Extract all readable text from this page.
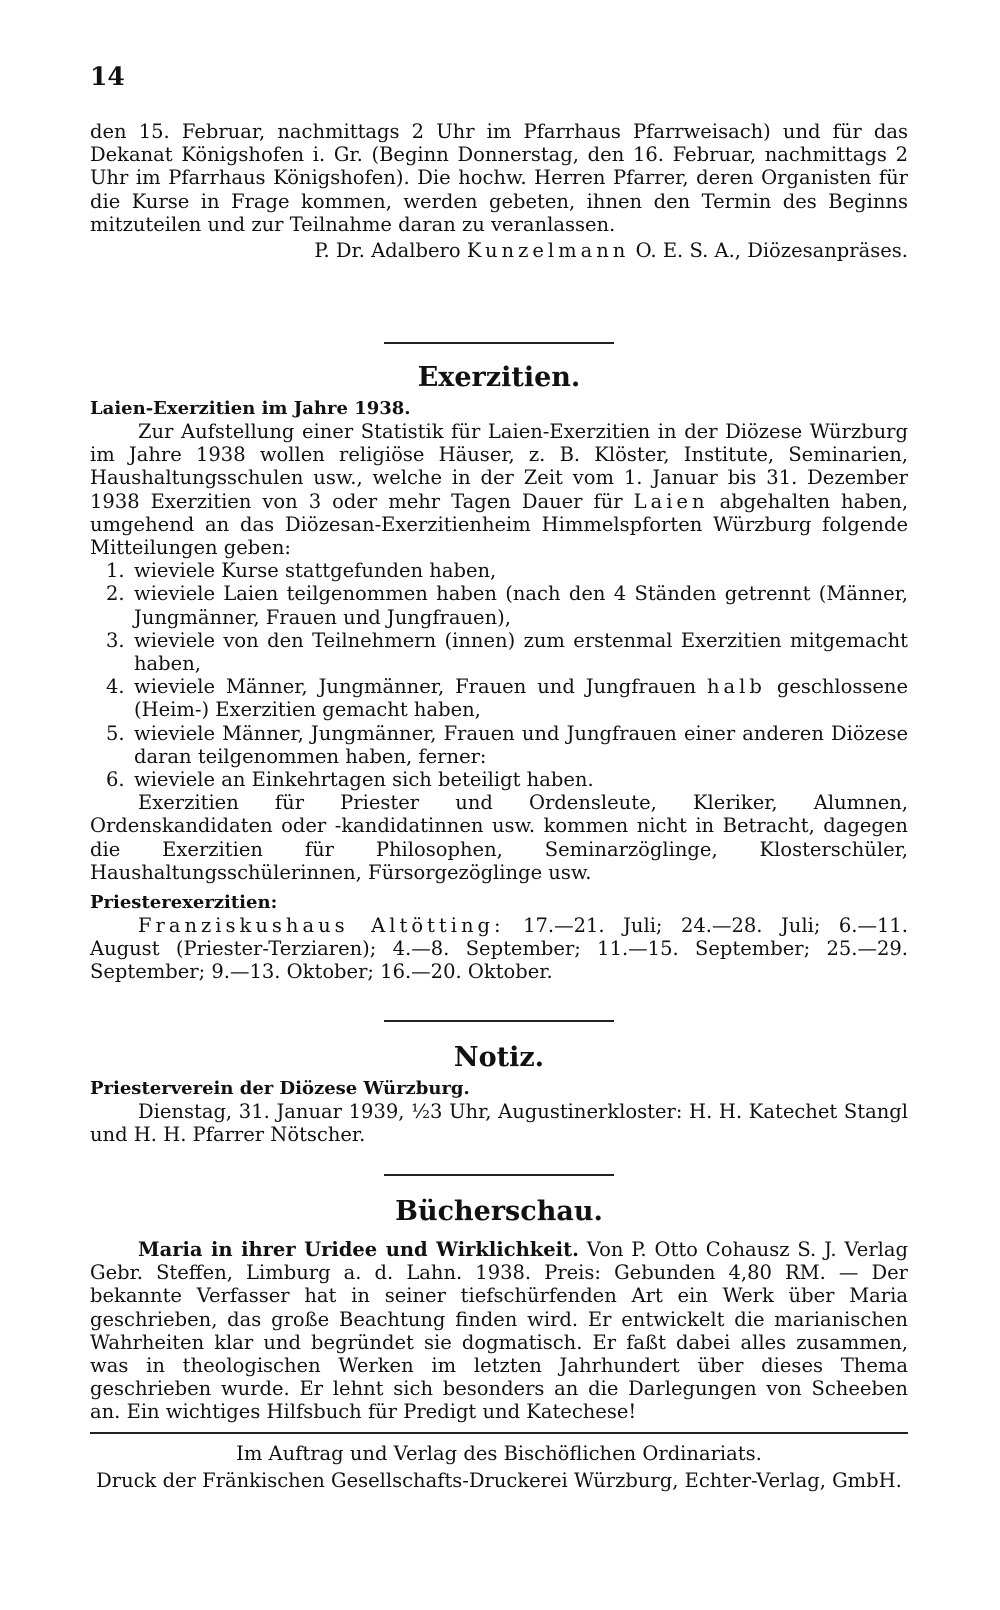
14

den 15. Februar, nachmittags 2 Uhr im Pfarrhaus Pfarrweisach) und für das Dekanat Königshofen i. Gr. (Beginn Donnerstag, den 16. Februar, nachmittags 2 Uhr im Pfarrhaus Königshofen). Die hochw. Herren Pfarrer, deren Organisten für die Kurse in Frage kommen, werden gebeten, ihnen den Termin des Beginns mitzuteilen und zur Teilnahme daran zu veranlassen.

P. Dr. Adalbero Kunzelmann O. E. S. A., Diözesanpräses.
Exerzitien.
Laien-Exerzitien im Jahre 1938.

Zur Aufstellung einer Statistik für Laien-Exerzitien in der Diözese Würzburg im Jahre 1938 wollen religiöse Häuser, z. B. Klöster, Institute, Seminarien, Haushaltungsschulen usw., welche in der Zeit vom 1. Januar bis 31. Dezember 1938 Exerzitien von 3 oder mehr Tagen Dauer für Laien abgehalten haben, umgehend an das Diözesan-Exerzitienheim Himmelspforten Würzburg folgende Mitteilungen geben:

1. wieviele Kurse stattgefunden haben,
2. wieviele Laien teilgenommen haben (nach den 4 Ständen getrennt (Männer, Jungmänner, Frauen und Jungfrauen),
3. wieviele von den Teilnehmern (innen) zum erstenmal Exerzitien mitgemacht haben,
4. wieviele Männer, Jungmänner, Frauen und Jungfrauen halb geschlossene (Heim-) Exerzitien gemacht haben,
5. wieviele Männer, Jungmänner, Frauen und Jungfrauen einer anderen Diözese daran teilgenommen haben, ferner:
6. wieviele an Einkehrtagen sich beteiligt haben.

Exerzitien für Priester und Ordensleute, Kleriker, Alumnen, Ordenskandidaten oder -kandidatinnen usw. kommen nicht in Betracht, dagegen die Exerzitien für Philosophen, Seminarzöglinge, Klosterschüler, Haushaltungsschülerinnen, Fürsorgezöglinge usw.

Priesterexerzitien:

Franziskushaus Altötting: 17.—21. Juli; 24.—28. Juli; 6.—11. August (Priester-Terziaren); 4.—8. September; 11.—15. September; 25.—29. September; 9.—13. Oktober; 16.—20. Oktober.

Notiz.
Priesterverein der Diözese Würzburg.

Dienstag, 31. Januar 1939, ½3 Uhr, Augustinerkloster: H. H. Katechet Stangl und H. H. Pfarrer Nötscher.

Bücherschau.

Maria in ihrer Uridee und Wirklichkeit. Von P. Otto Cohausz S. J. Verlag Gebr. Steffen, Limburg a. d. Lahn. 1938. Preis: Gebunden 4,80 RM. — Der bekannte Verfasser hat in seiner tiefschürfenden Art ein Werk über Maria geschrieben, das große Beachtung finden wird. Er entwickelt die marianischen Wahrheiten klar und begründet sie dogmatisch. Er faßt dabei alles zusammen, was in theologischen Werken im letzten Jahrhundert über dieses Thema geschrieben wurde. Er lehnt sich besonders an die Darlegungen von Scheeben an. Ein wichtiges Hilfsbuch für Predigt und Katechese!

Im Auftrag und Verlag des Bischöflichen Ordinariats.
Druck der Fränkischen Gesellschafts-Druckerei Würzburg, Echter-Verlag, GmbH.
